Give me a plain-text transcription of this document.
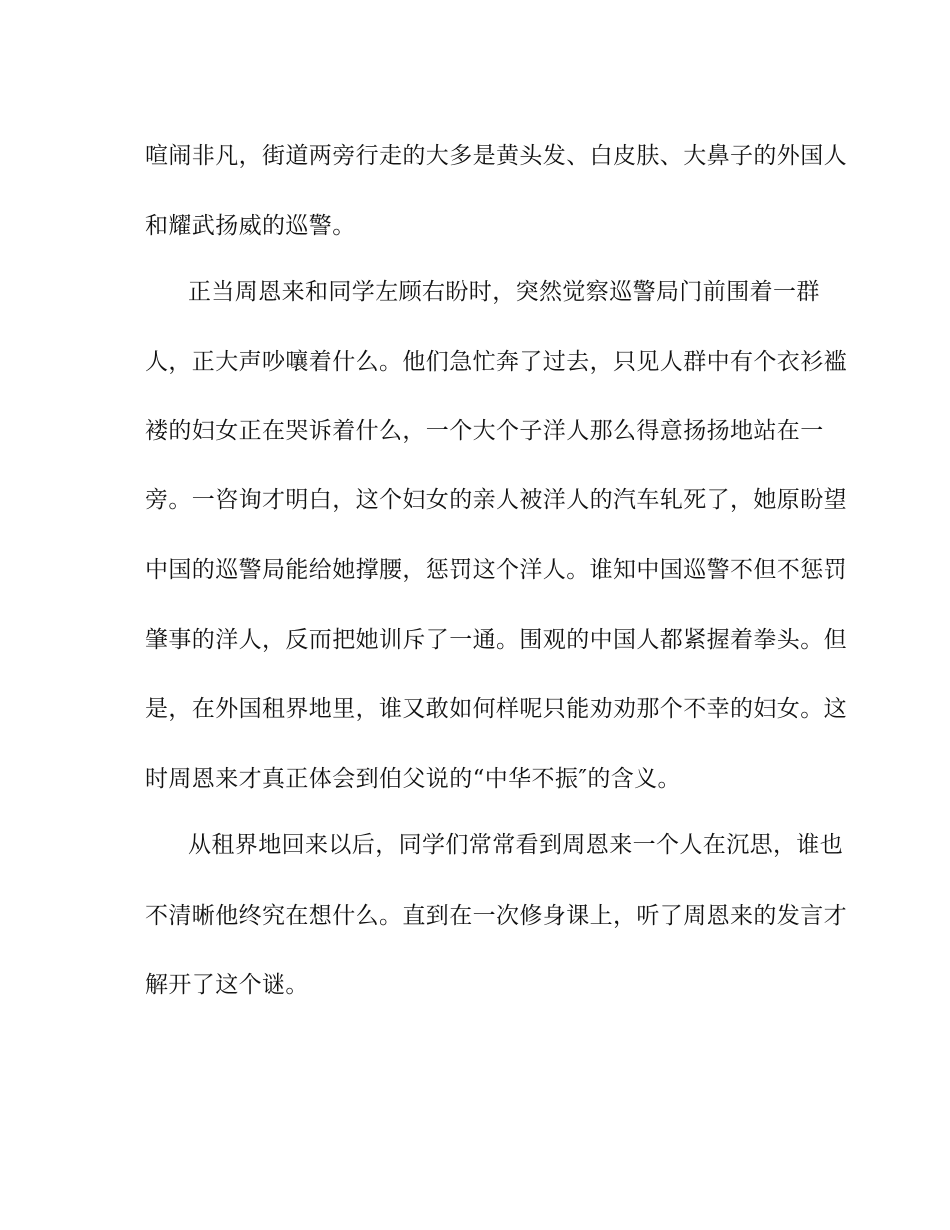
喧闹非凡，街道两旁行走的大多是黄头发、白皮肤、大鼻子的外国人
和耀武扬威的巡警。
正当周恩来和同学左顾右盼时，突然觉察巡警局门前围着一群
人，正大声吵嚷着什么。他们急忙奔了过去，只见人群中有个衣衫褴
褛的妇女正在哭诉着什么，一个大个子洋人那么得意扬扬地站在一
旁。一咨询才明白，这个妇女的亲人被洋人的汽车轧死了，她原盼望
中国的巡警局能给她撑腰，惩罚这个洋人。谁知中国巡警不但不惩罚
肇事的洋人，反而把她训斥了一通。围观的中国人都紧握着拳头。但
是，在外国租界地里，谁又敢如何样呢只能劝劝那个不幸的妇女。这
时周恩来才真正体会到伯父说的“中华不振″的含义。
从租界地回来以后，同学们常常看到周恩来一个人在沉思，谁也
不清晰他终究在想什么。直到在一次修身课上，听了周恩来的发言才
解开了这个谜。
